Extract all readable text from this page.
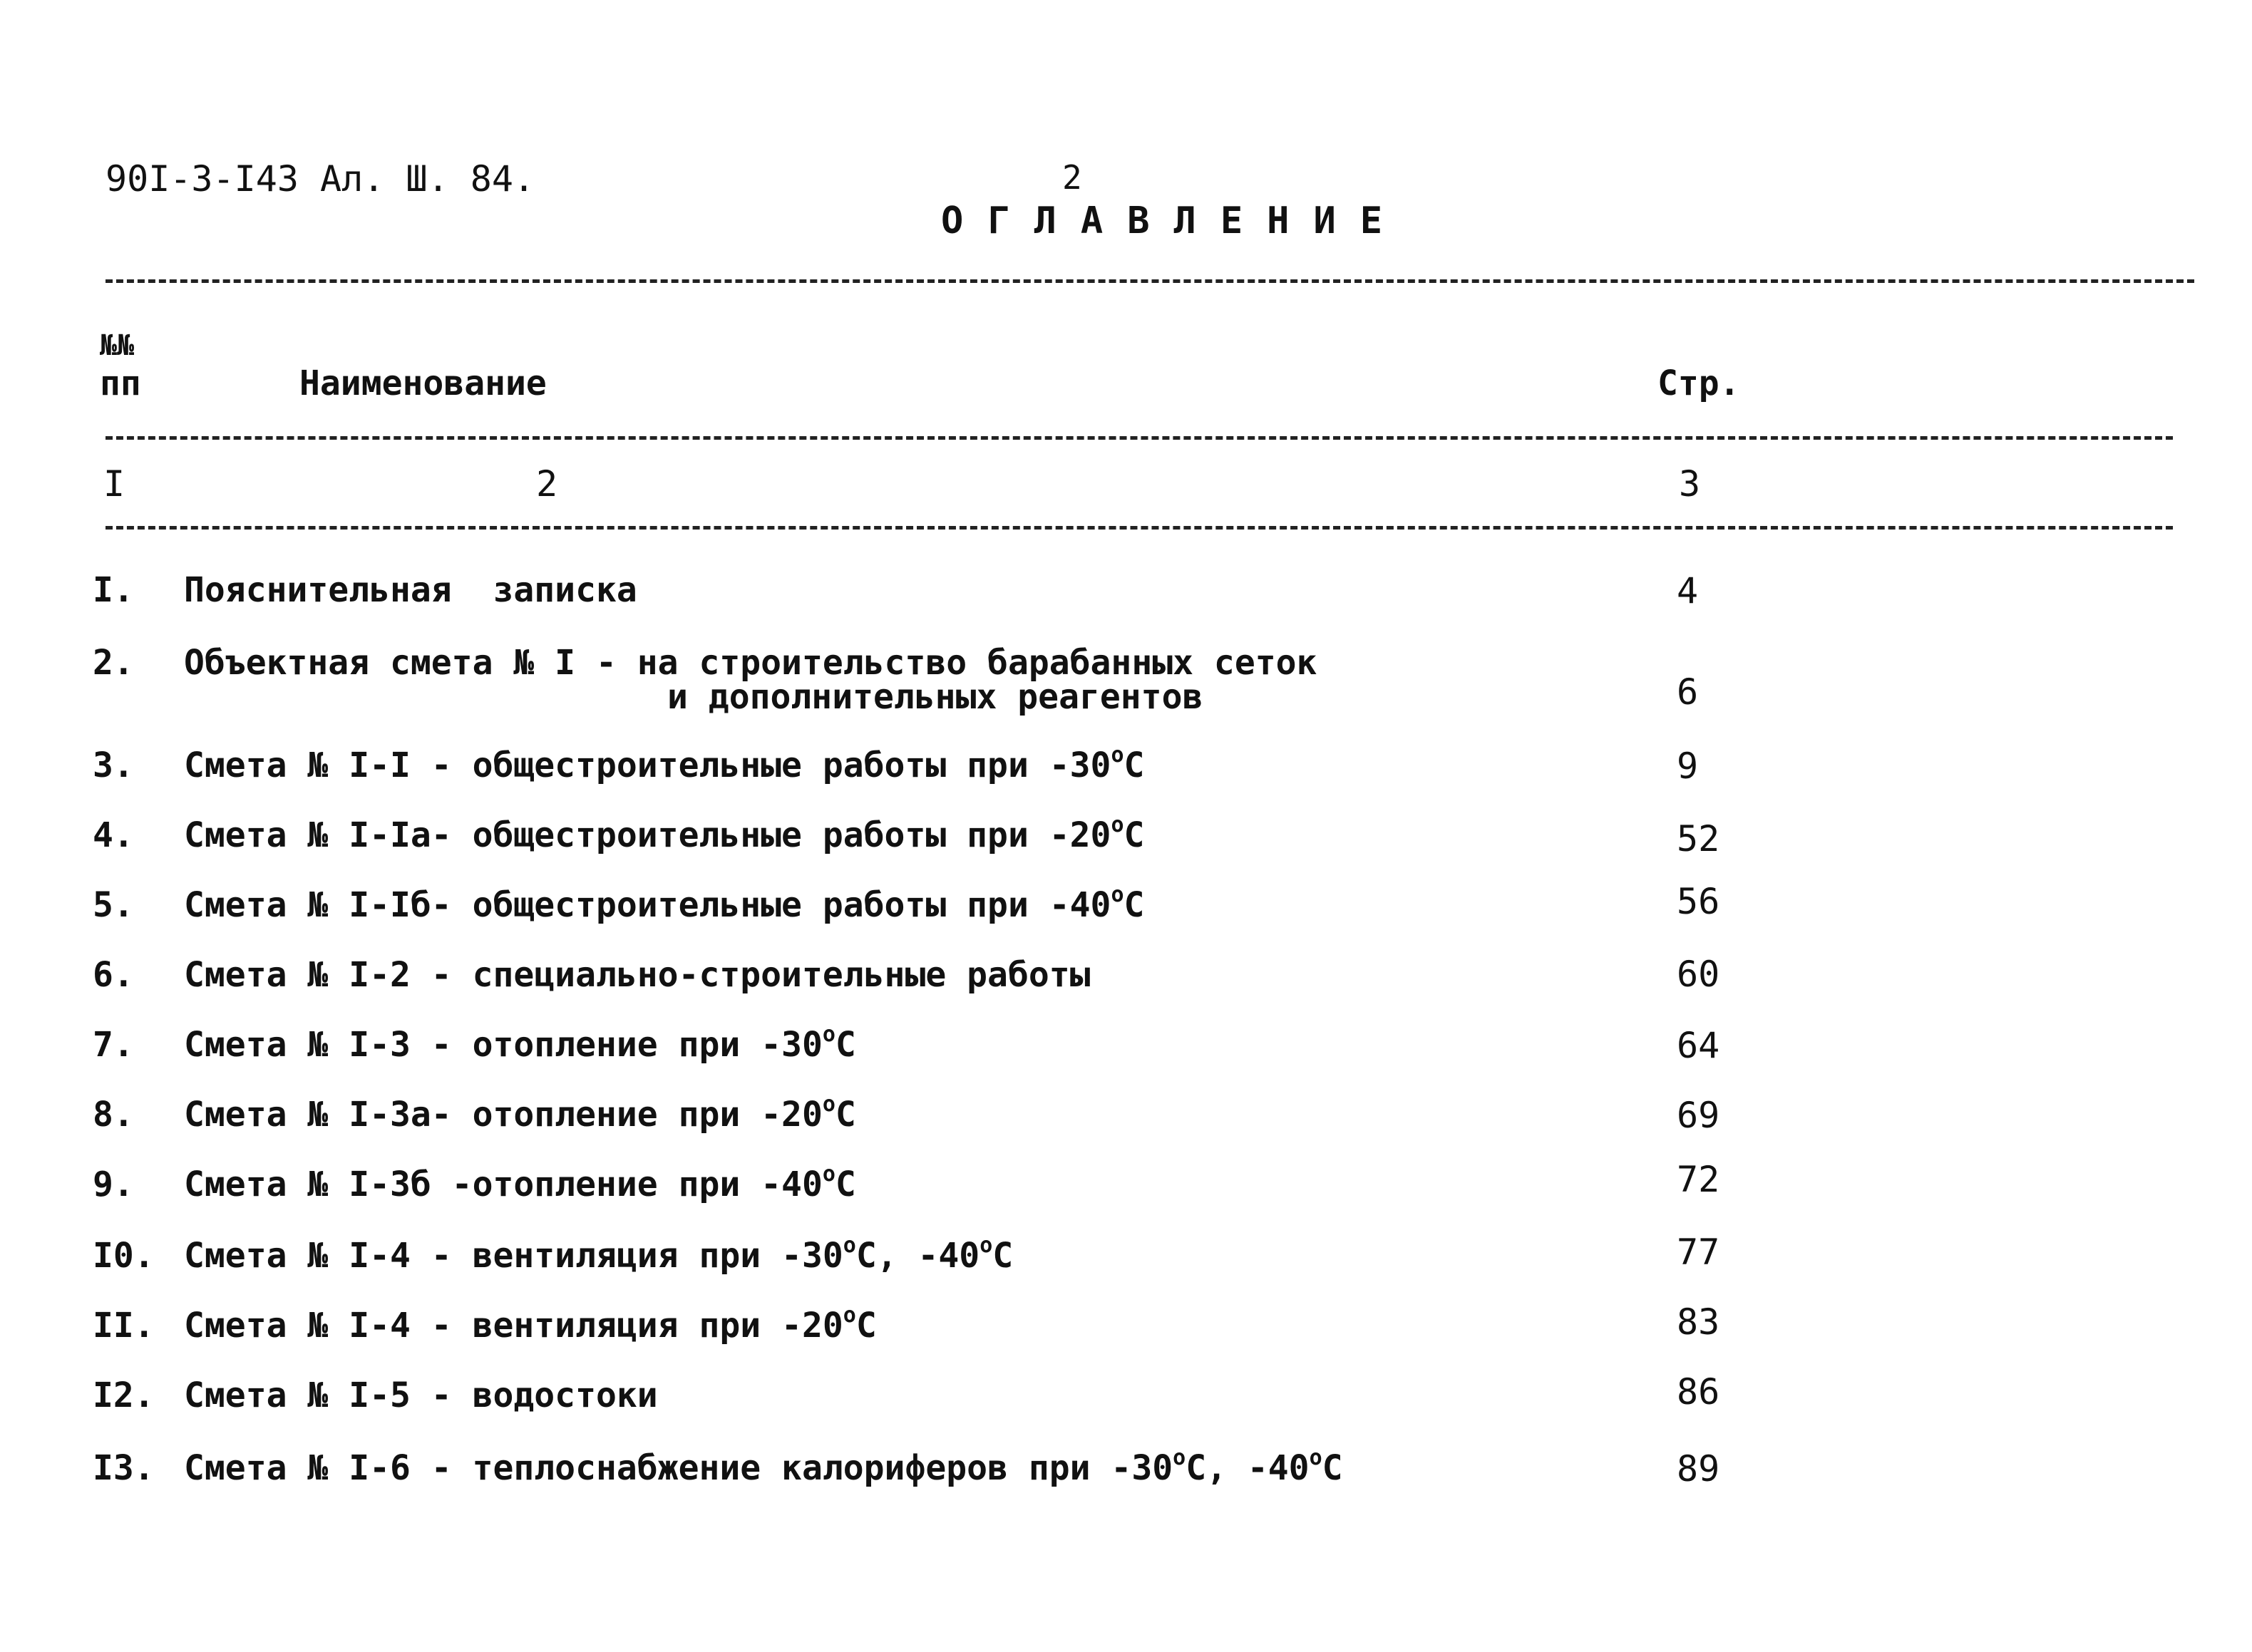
90I-3-I43 Ал. Ш. 84.	2
ОГЛАВЛЕНИЕ
№№
пп	Наименование	Стр.
I	2	3
I. Пояснительная  записка	4
2. Объектная смета № I - на строительство барабанных сеток
и дополнительных реагентов	6
3. Смета № I-I - общестроительные работы при $-30^оС$	9
4. Смета № I-Iа- общестроительные работы при $-20^оС$	52
5. Смета № I-Iб- общестроительные работы при $-40^оС$	56
6. Смета № I-2 - специально-строительные работы	60
7. Смета № I-3 - отопление при $-30^оС$	64
8. Смета № I-3а- отопление при $-20^оС$	69
9. Смета № I-3б -отопление при $-40^оС$	72
I0. Смета № I-4 - вентиляция при $-30^оС$, $-40^оС$	77
II. Смета № I-4 - вентиляция при $-20^оС$	83
I2. Смета № I-5 - водостоки	86
I3. Смета № I-6 - теплоснабжение калориферов при $-30^оС$, $-40^оС$	89
